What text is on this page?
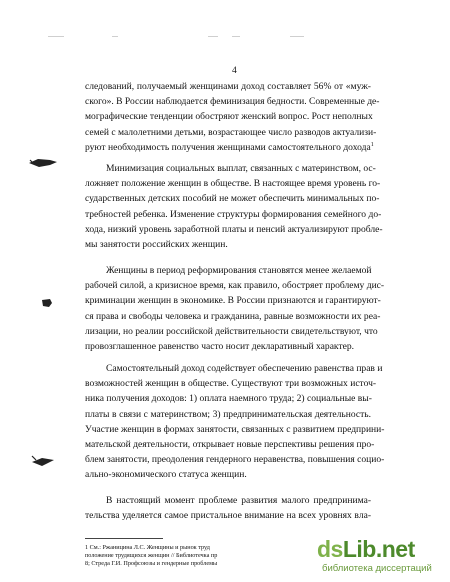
4
следований, получаемый женщинами доход составляет 56% от «муж-
ского». В России наблюдается феминизация бедности. Современные де-
мографические тенденции обостряют женский вопрос. Рост неполных
семей с малолетними детьми, возрастающее число разводов актуализи-
руют необходимость получения женщинами самостоятельного дохода$^1$
Минимизация социальных выплат, связанных с материнством, ос-
ложняет положение женщин в обществе. В настоящее время уровень го-
сударственных детских пособий не может обеспечить минимальных по-
требностей ребенка. Изменение структуры формирования семейного до-
хода, низкий уровень заработной платы и пенсий актуализируют пробле-
мы занятости российских женщин.
Женщины в период реформирования становятся менее желаемой
рабочей силой, а кризисное время, как правило, обостряет проблему дис-
криминации женщин в экономике. В России признаются и гарантируют-
ся права и свободы человека и гражданина, равные возможности их реа-
лизации, но реалии российской действительности свидетельствуют, что
провозглашенное равенство часто носит декларативный характер.
Самостоятельный доход содействует обеспечению равенства прав и
возможностей женщин в обществе. Существуют три возможных источ-
ника получения доходов: 1) оплата наемного труда; 2) социальные вы-
платы в связи с материнством; 3) предпринимательская деятельность.
Участие женщин в формах занятости, связанных с развитием предприни-
мательской деятельности, открывает новые перспективы решения про-
блем занятости, преодоления гендерного неравенства, повышения социо-
ально-экономического статуса женщин.
В настоящий момент проблеме развития малого предпринима-
тельства уделяется самое пристальное внимание на всех уровнях вла-
1 См.: Ржаницина Л.С. Женщины и рынок труд
положение трудящихся женщин // Библиотечка пр
8; Стреда Г.И. Профсоюзы и гендерные проблемы
dsLib.net
библиотека диссертаций
